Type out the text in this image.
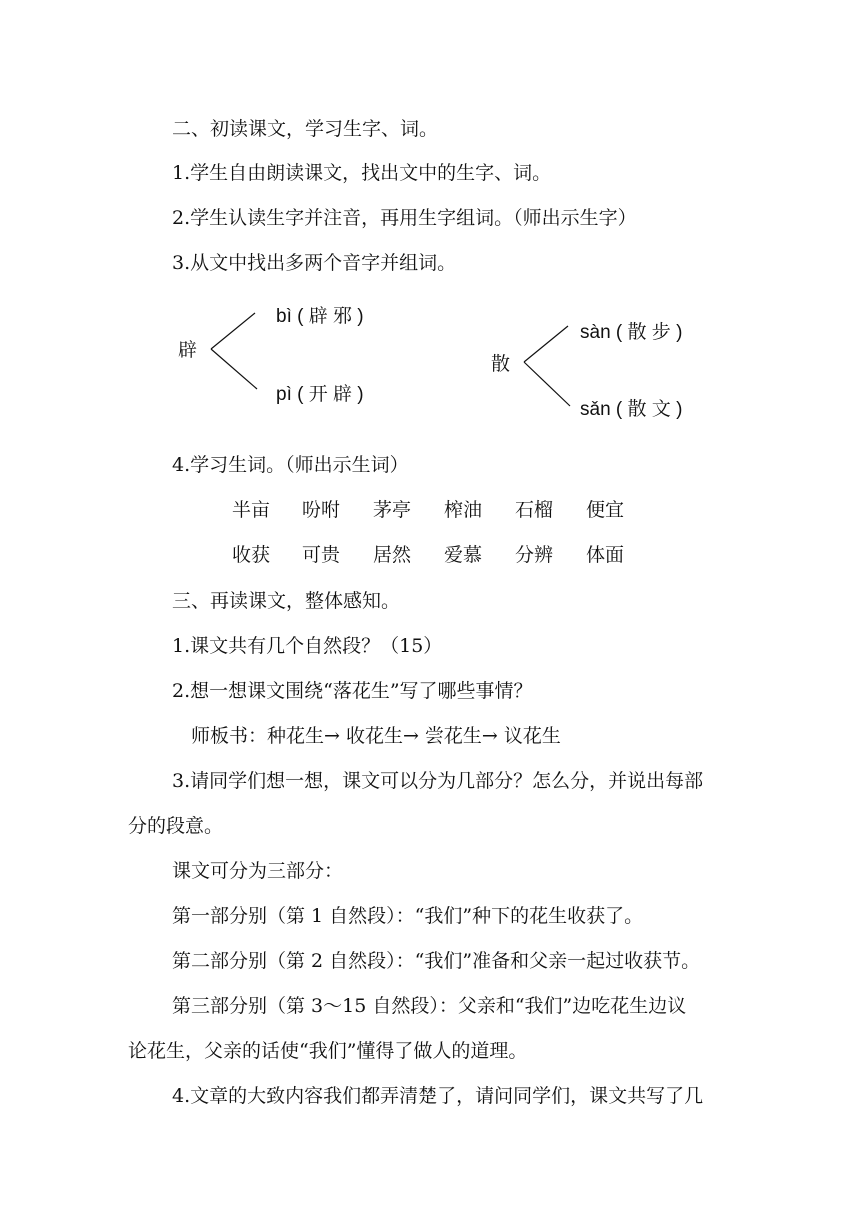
二、初读课文，学习生字、词。
1.学生自由朗读课文，找出文中的生字、词。
2.学生认读生字并注音，再用生字组词。（师出示生字）
3.从文中找出多两个音字并组词。
辟
bì ( 辟 邪 )
pì ( 开 辟 )
散
sàn ( 散 步 )
sǎn ( 散 文 )
4.学习生词。（师出示生词）
半亩 吩咐 茅亭 榨油 石榴 便宜
收获 可贵 居然 爱慕 分辨 体面
三、再读课文，整体感知。
1.课文共有几个自然段？（15）
2.想一想课文围绕“落花生”写了哪些事情？
师板书：种花生→ 收花生→ 尝花生→ 议花生
3.请同学们想一想，课文可以分为几部分？怎么分，并说出每部
分的段意。
课文可分为三部分：
第一部分别（第 1 自然段）：“我们”种下的花生收获了。
第二部分别（第 2 自然段）：“我们”准备和父亲一起过收获节。
第三部分别（第 3～15 自然段）：父亲和“我们”边吃花生边议
论花生，父亲的话使“我们”懂得了做人的道理。
4.文章的大致内容我们都弄清楚了，请问同学们，课文共写了几
